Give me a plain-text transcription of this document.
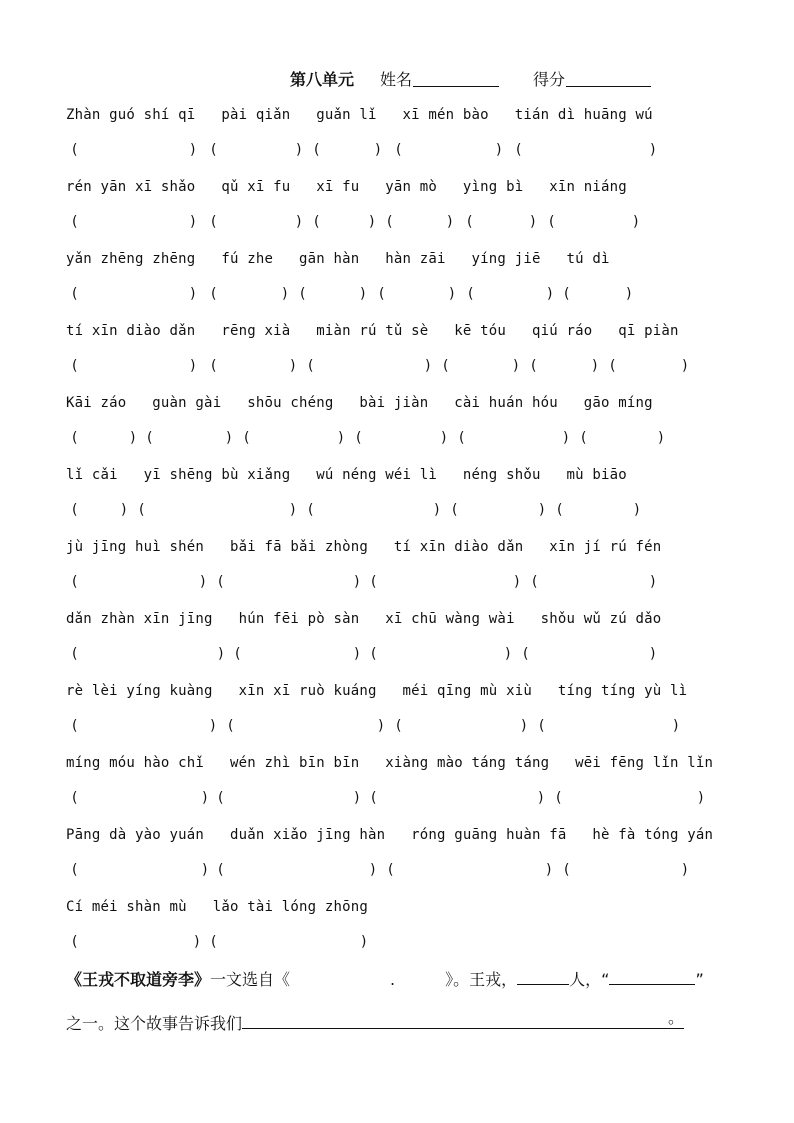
第八单元 姓名	得分
Zhàn guó shí qī   pài qiǎn   guǎn lǐ   xī mén bào   tián dì huāng wú
(	) (	) (	) (	) (	)
rén yān xī shǎo   qǔ xī fu   xī fu   yān mò   yìng bì   xīn niáng
(	) (	) (	) (	) (	) (	)
yǎn zhēng zhēng   fú zhe   gān hàn   hàn zāi   yíng jiē   tú dì
(	) (	) (	) (	) (	) (	)
tí xīn diào dǎn   rēng xià   miàn rú tǔ sè   kē tóu   qiú ráo   qī piàn
(	) (	) (	) (	) (	) (	)
Kāi záo   guàn gài   shōu chéng   bài jiàn   cài huán hóu   gāo míng
(	) (	) (	) (	) (	) (	)
lǐ cǎi   yī shēng bù xiǎng   wú néng wéi lì   néng shǒu   mù biāo
(	) (	) (	) (	) (	)
jù jīng huì shén   bǎi fā bǎi zhòng   tí xīn diào dǎn   xīn jí rú fén
(	) (	) (	) (	)
dǎn zhàn xīn jīng   hún fēi pò sàn   xī chū wàng wài   shǒu wǔ zú dǎo
(	) (	) (	) (	)
rè lèi yíng kuàng   xīn xī ruò kuáng   méi qīng mù xiù   tíng tíng yù lì
(	) (	) (	) (	)
míng móu hào chǐ   wén zhì bīn bīn   xiàng mào táng táng   wēi fēng lǐn lǐn
(	) (	) (	) (	)
Pāng dà yào yuán   duǎn xiǎo jīng hàn   róng guāng huàn fā   hè fà tóng yán
(	) (	) (	) (	)
Cí méi shàn mù   lǎo tài lóng zhōng
(	) (	)
《王戎不取道旁李》一文选自《	.	》。王戎，	人，“	”
之一。这个故事告诉我们	。
